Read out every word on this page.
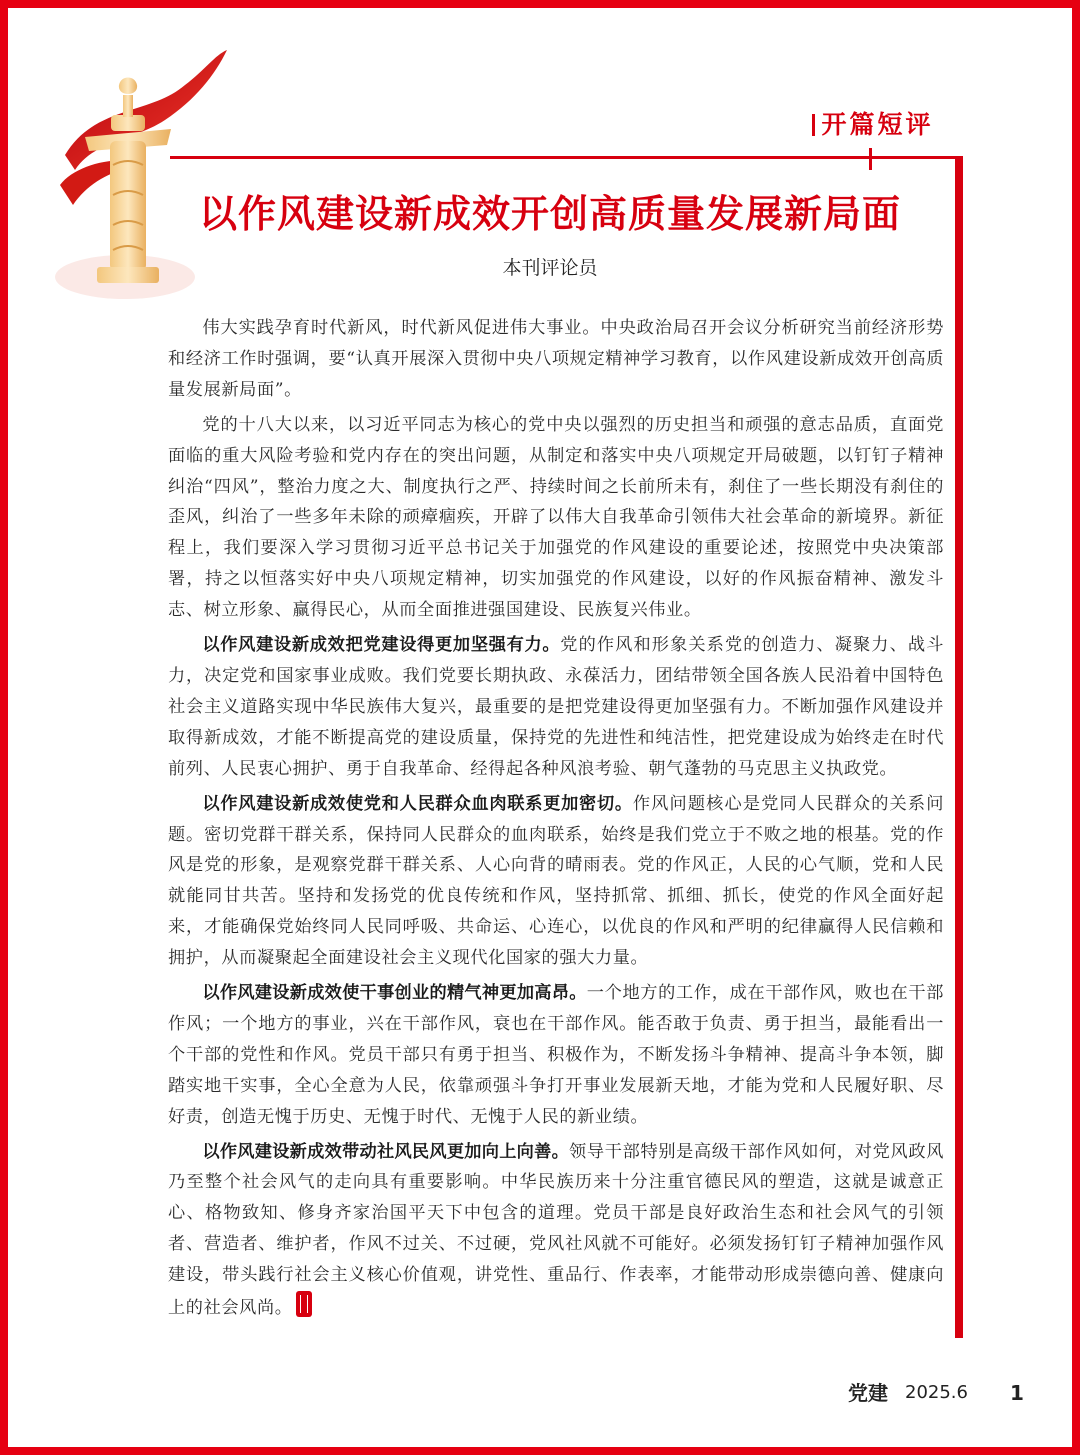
开篇短评
以作风建设新成效开创高质量发展新局面
本刊评论员

伟大实践孕育时代新风，时代新风促进伟大事业。中央政治局召开会议分析研究当前经济形势和经济工作时强调，要“认真开展深入贯彻中央八项规定精神学习教育，以作风建设新成效开创高质量发展新局面”。

党的十八大以来，以习近平同志为核心的党中央以强烈的历史担当和顽强的意志品质，直面党面临的重大风险考验和党内存在的突出问题，从制定和落实中央八项规定开局破题，以钉钉子精神纠治“四风”，整治力度之大、制度执行之严、持续时间之长前所未有，刹住了一些长期没有刹住的歪风，纠治了一些多年未除的顽瘴痼疾，开辟了以伟大自我革命引领伟大社会革命的新境界。新征程上，我们要深入学习贯彻习近平总书记关于加强党的作风建设的重要论述，按照党中央决策部署，持之以恒落实好中央八项规定精神，切实加强党的作风建设，以好的作风振奋精神、激发斗志、树立形象、赢得民心，从而全面推进强国建设、民族复兴伟业。

以作风建设新成效把党建设得更加坚强有力。党的作风和形象关系党的创造力、凝聚力、战斗力，决定党和国家事业成败。我们党要长期执政、永葆活力，团结带领全国各族人民沿着中国特色社会主义道路实现中华民族伟大复兴，最重要的是把党建设得更加坚强有力。不断加强作风建设并取得新成效，才能不断提高党的建设质量，保持党的先进性和纯洁性，把党建设成为始终走在时代前列、人民衷心拥护、勇于自我革命、经得起各种风浪考验、朝气蓬勃的马克思主义执政党。

以作风建设新成效使党和人民群众血肉联系更加密切。作风问题核心是党同人民群众的关系问题。密切党群干群关系，保持同人民群众的血肉联系，始终是我们党立于不败之地的根基。党的作风是党的形象，是观察党群干群关系、人心向背的晴雨表。党的作风正，人民的心气顺，党和人民就能同甘共苦。坚持和发扬党的优良传统和作风，坚持抓常、抓细、抓长，使党的作风全面好起来，才能确保党始终同人民同呼吸、共命运、心连心，以优良的作风和严明的纪律赢得人民信赖和拥护，从而凝聚起全面建设社会主义现代化国家的强大力量。

以作风建设新成效使干事创业的精气神更加高昂。一个地方的工作，成在干部作风，败也在干部作风；一个地方的事业，兴在干部作风，衰也在干部作风。能否敢于负责、勇于担当，最能看出一个干部的党性和作风。党员干部只有勇于担当、积极作为，不断发扬斗争精神、提高斗争本领，脚踏实地干实事，全心全意为人民，依靠顽强斗争打开事业发展新天地，才能为党和人民履好职、尽好责，创造无愧于历史、无愧于时代、无愧于人民的新业绩。

以作风建设新成效带动社风民风更加向上向善。领导干部特别是高级干部作风如何，对党风政风乃至整个社会风气的走向具有重要影响。中华民族历来十分注重官德民风的塑造，这就是诚意正心、格物致知、修身齐家治国平天下中包含的道理。党员干部是良好政治生态和社会风气的引领者、营造者、维护者，作风不过关、不过硬，党风社风就不可能好。必须发扬钉钉子精神加强作风建设，带头践行社会主义核心价值观，讲党性、重品行、作表率，才能带动形成崇德向善、健康向上的社会风尚。

党建 2025.6 1
